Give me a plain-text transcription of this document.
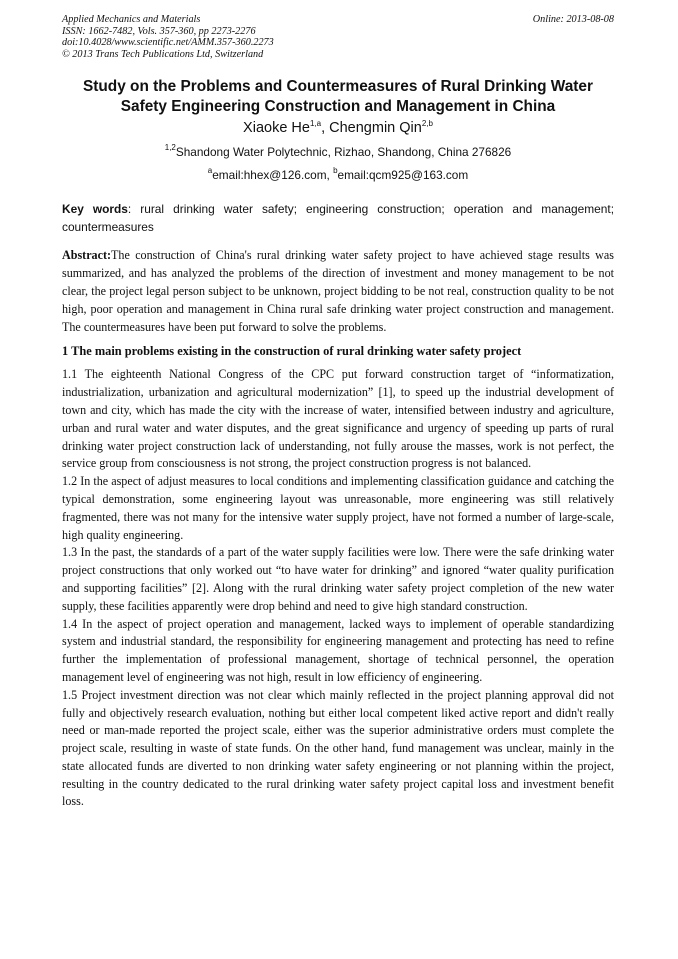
Applied Mechanics and Materials
ISSN: 1662-7482, Vols. 357-360, pp 2273-2276
doi:10.4028/www.scientific.net/AMM.357-360.2273
© 2013 Trans Tech Publications Ltd, Switzerland
Online: 2013-08-08
Study on the Problems and Countermeasures of Rural Drinking Water
Safety Engineering Construction and Management in China
Xiaoke He$^{1,a}$, Chengmin Qin$^{2,b}$
$^{1,2}$Shandong Water Polytechnic, Rizhao, Shandong, China 276826
$^a$email:hhex@126.com, $^b$email:qcm925@163.com
Key words: rural drinking water safety; engineering construction; operation and management; countermeasures
Abstract:The construction of China's rural drinking water safety project to have achieved stage results was summarized, and has analyzed the problems of the direction of investment and money management to be not clear, the project legal person subject to be unknown, project bidding to be not real, construction quality to be not high, poor operation and management in China rural safe drinking water project construction and management. The countermeasures have been put forward to solve the problems.
1 The main problems existing in the construction of rural drinking water safety project
1.1 The eighteenth National Congress of the CPC put forward construction target of “informatization, industrialization, urbanization and agricultural modernization” [1], to speed up the industrial development of town and city, which has made the city with the increase of water, intensified between industry and agriculture, urban and rural water and water disputes, and the great significance and urgency of speeding up parts of rural drinking water project construction lack of understanding, not fully arouse the masses, work is not perfect, the service group from consciousness is not strong, the project construction progress is not balanced.
1.2 In the aspect of adjust measures to local conditions and implementing classification guidance and catching the typical demonstration, some engineering layout was unreasonable, more engineering was still relatively fragmented, there was not many for the intensive water supply project, have not formed a number of large-scale, high quality engineering.
1.3 In the past, the standards of a part of the water supply facilities were low. There were the safe drinking water project constructions that only worked out “to have water for drinking” and ignored “water quality purification and supporting facilities” [2]. Along with the rural drinking water safety project completion of the new water supply, these facilities apparently were drop behind and need to give high standard construction.
1.4 In the aspect of project operation and management, lacked ways to implement of operable standardizing system and industrial standard, the responsibility for engineering management and protecting has need to refine further the implementation of professional management, shortage of technical personnel, the operation management level of engineering was not high, result in low efficiency of engineering.
1.5 Project investment direction was not clear which mainly reflected in the project planning approval did not fully and objectively research evaluation, nothing but either local competent liked active report and didn't really need or man-made reported the project scale, either was the superior administrative orders must complete the project scale, resulting in waste of state funds. On the other hand, fund management was unclear, mainly in the state allocated funds are diverted to non drinking water safety engineering or not planning within the project, resulting in the country dedicated to the rural drinking water safety project capital loss and investment benefit loss.
